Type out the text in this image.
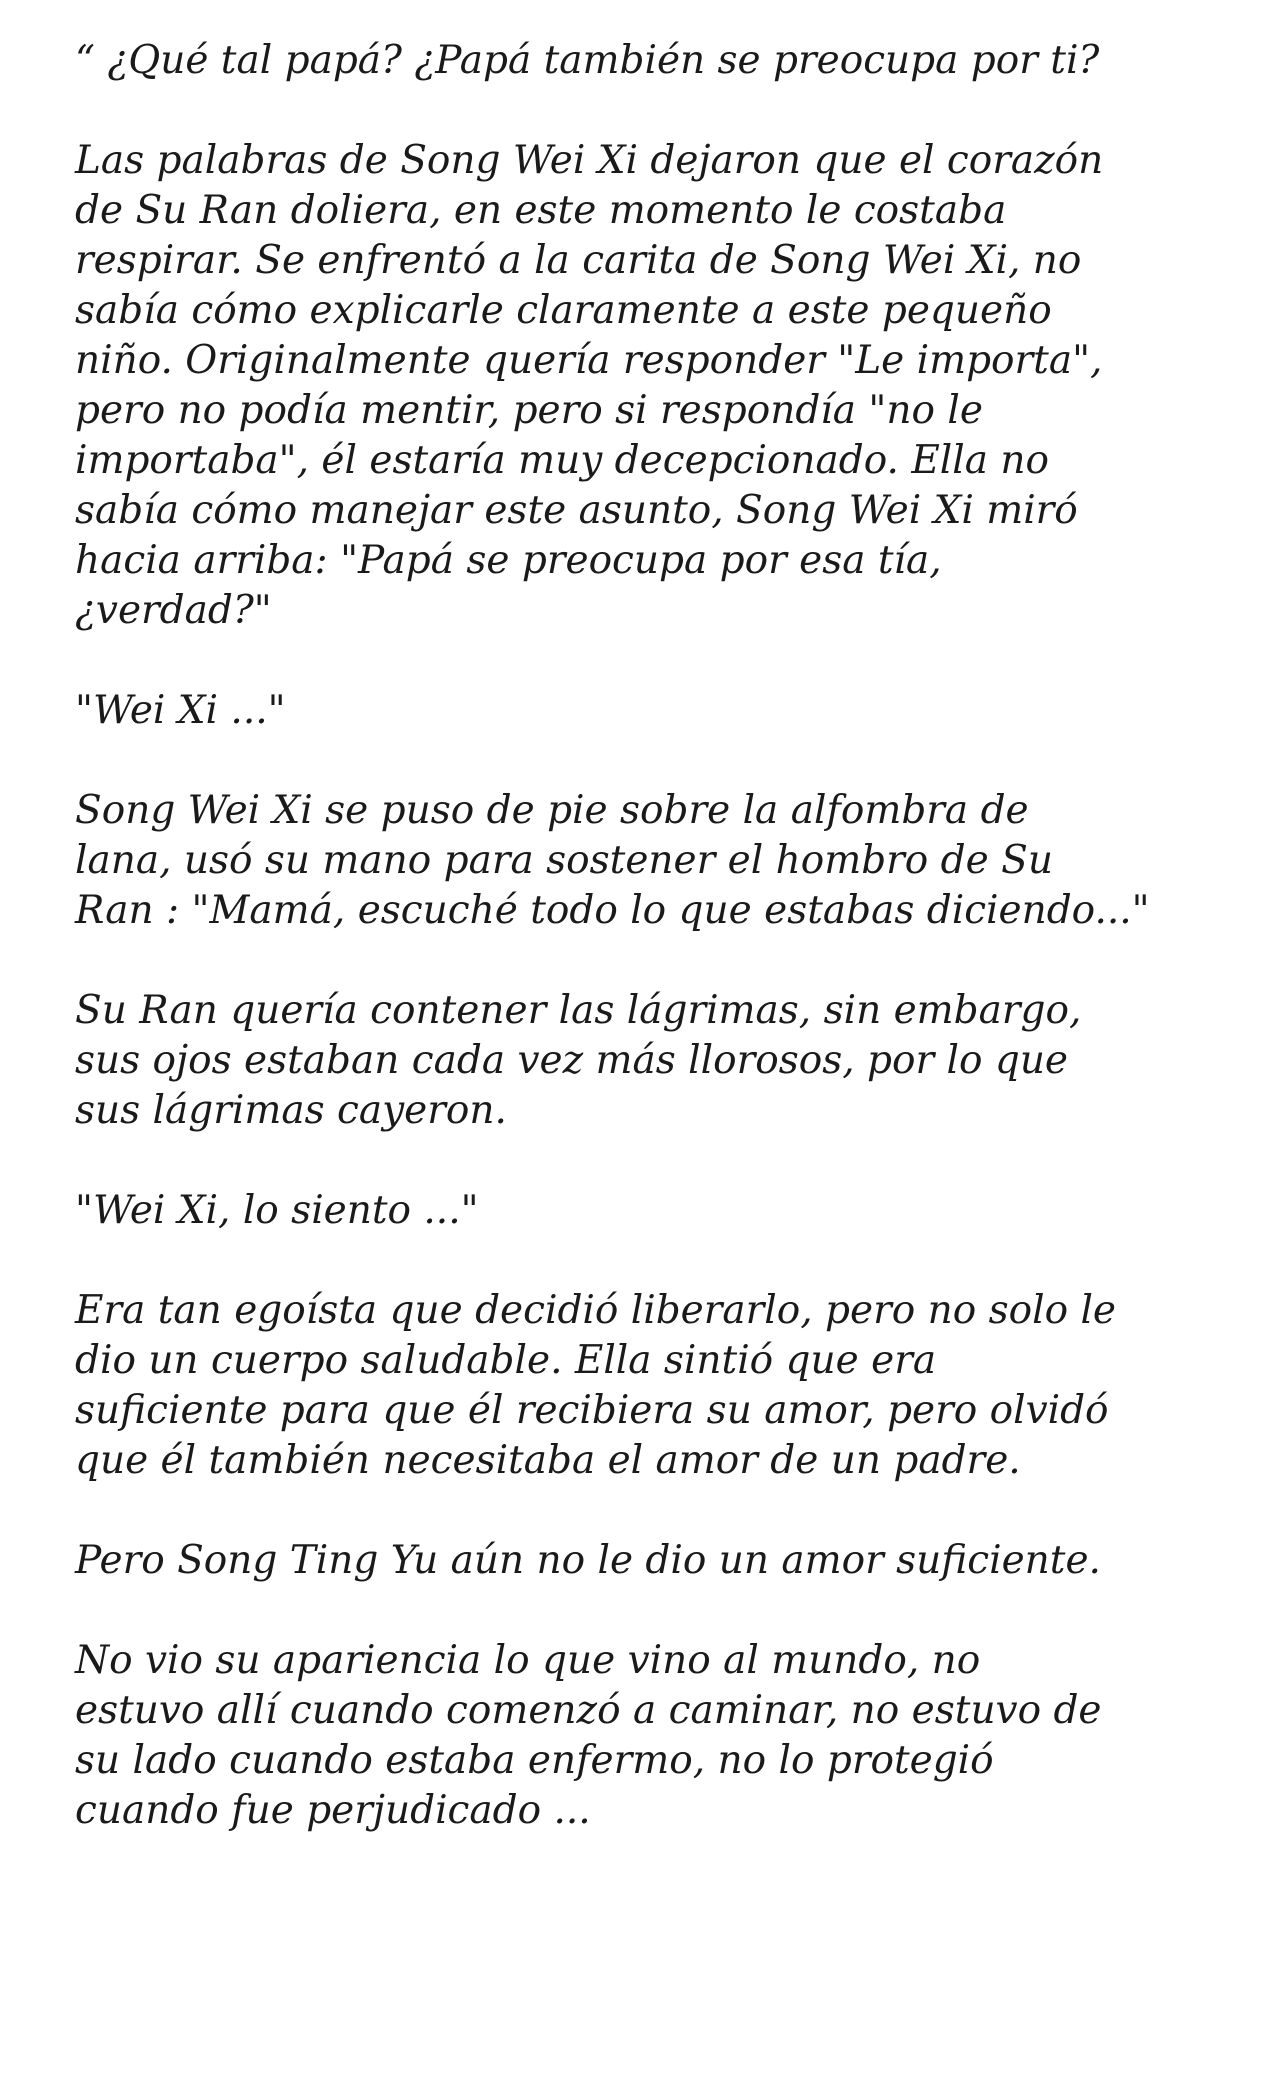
“ ¿Qué tal papá? ¿Papá también se preocupa por ti?

Las palabras de Song Wei Xi dejaron que el corazón
de Su Ran doliera, en este momento le costaba
respirar. Se enfrentó a la carita de Song Wei Xi, no
sabía cómo explicarle claramente a este pequeño
niño. Originalmente quería responder "Le importa",
pero no podía mentir, pero si respondía "no le
importaba", él estaría muy decepcionado. Ella no
sabía cómo manejar este asunto, Song Wei Xi miró
hacia arriba: "Papá se preocupa por esa tía,
¿verdad?"

"Wei Xi ..."

Song Wei Xi se puso de pie sobre la alfombra de
lana, usó su mano para sostener el hombro de Su
Ran : "Mamá, escuché todo lo que estabas diciendo..."

Su Ran quería contener las lágrimas, sin embargo,
sus ojos estaban cada vez más llorosos, por lo que
sus lágrimas cayeron.

"Wei Xi, lo siento ..."

Era tan egoísta que decidió liberarlo, pero no solo le
dio un cuerpo saludable. Ella sintió que era
suficiente para que él recibiera su amor, pero olvidó
que él también necesitaba el amor de un padre.

Pero Song Ting Yu aún no le dio un amor suficiente.

No vio su apariencia lo que vino al mundo, no
estuvo allí cuando comenzó a caminar, no estuvo de
su lado cuando estaba enfermo, no lo protegió
cuando fue perjudicado ...
